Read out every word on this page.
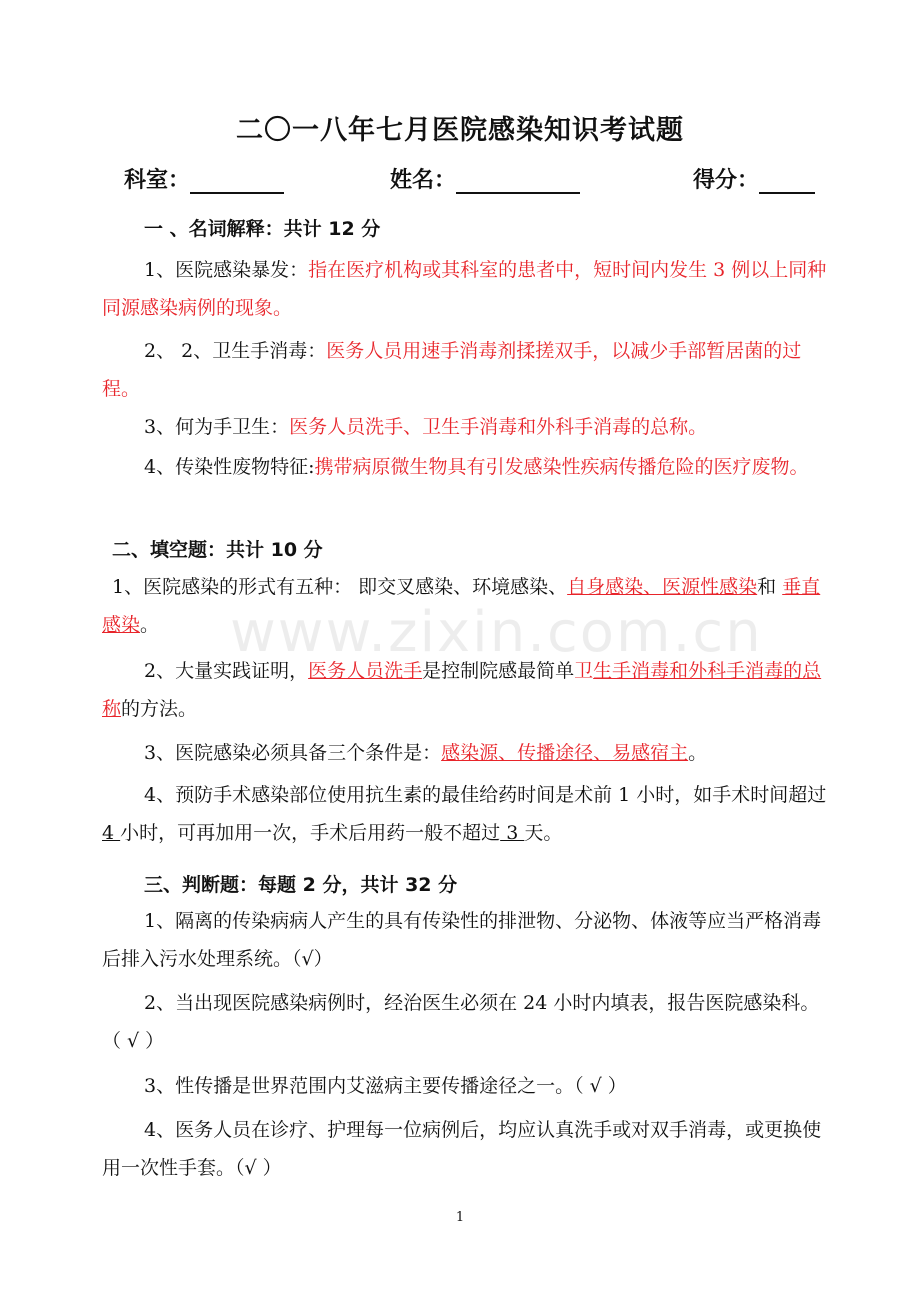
二〇一八年七月医院感染知识考试题
科室：	姓名：	得分：
一 、名词解释：共计 12 分
1、医院感染暴发：指在医疗机构或其科室的患者中，短时间内发生 3 例以上同种同源感染病例的现象。
2、 2、卫生手消毒：医务人员用速手消毒剂揉搓双手，以减少手部暂居菌的过程。
3、何为手卫生：医务人员洗手、卫生手消毒和外科手消毒的总称。
4、传染性废物特征:携带病原微生物具有引发感染性疾病传播危险的医疗废物。
二、填空题：共计 10 分
1、医院感染的形式有五种： 即交叉感染、环境感染、自身感染、医源性感染和 垂直感染。
2、大量实践证明，医务人员洗手是控制院感最简单卫生手消毒和外科手消毒的总称的方法。
3、医院感染必须具备三个条件是：感染源、传播途径、易感宿主。
4、预防手术感染部位使用抗生素的最佳给药时间是术前 1 小时，如手术时间超过 4 小时，可再加用一次，手术后用药一般不超过 3 天。
三、判断题：每题 2 分，共计 32 分
1、隔离的传染病病人产生的具有传染性的排泄物、分泌物、体液等应当严格消毒后排入污水处理系统。（√）
2、当出现医院感染病例时，经治医生必须在 24 小时内填表，报告医院感染科。（ √ ）
3、性传播是世界范围内艾滋病主要传播途径之一。（ √ ）
4、医务人员在诊疗、护理每一位病例后，均应认真洗手或对双手消毒，或更换使用一次性手套。（√ ）
www.zixin.com.cn
1
